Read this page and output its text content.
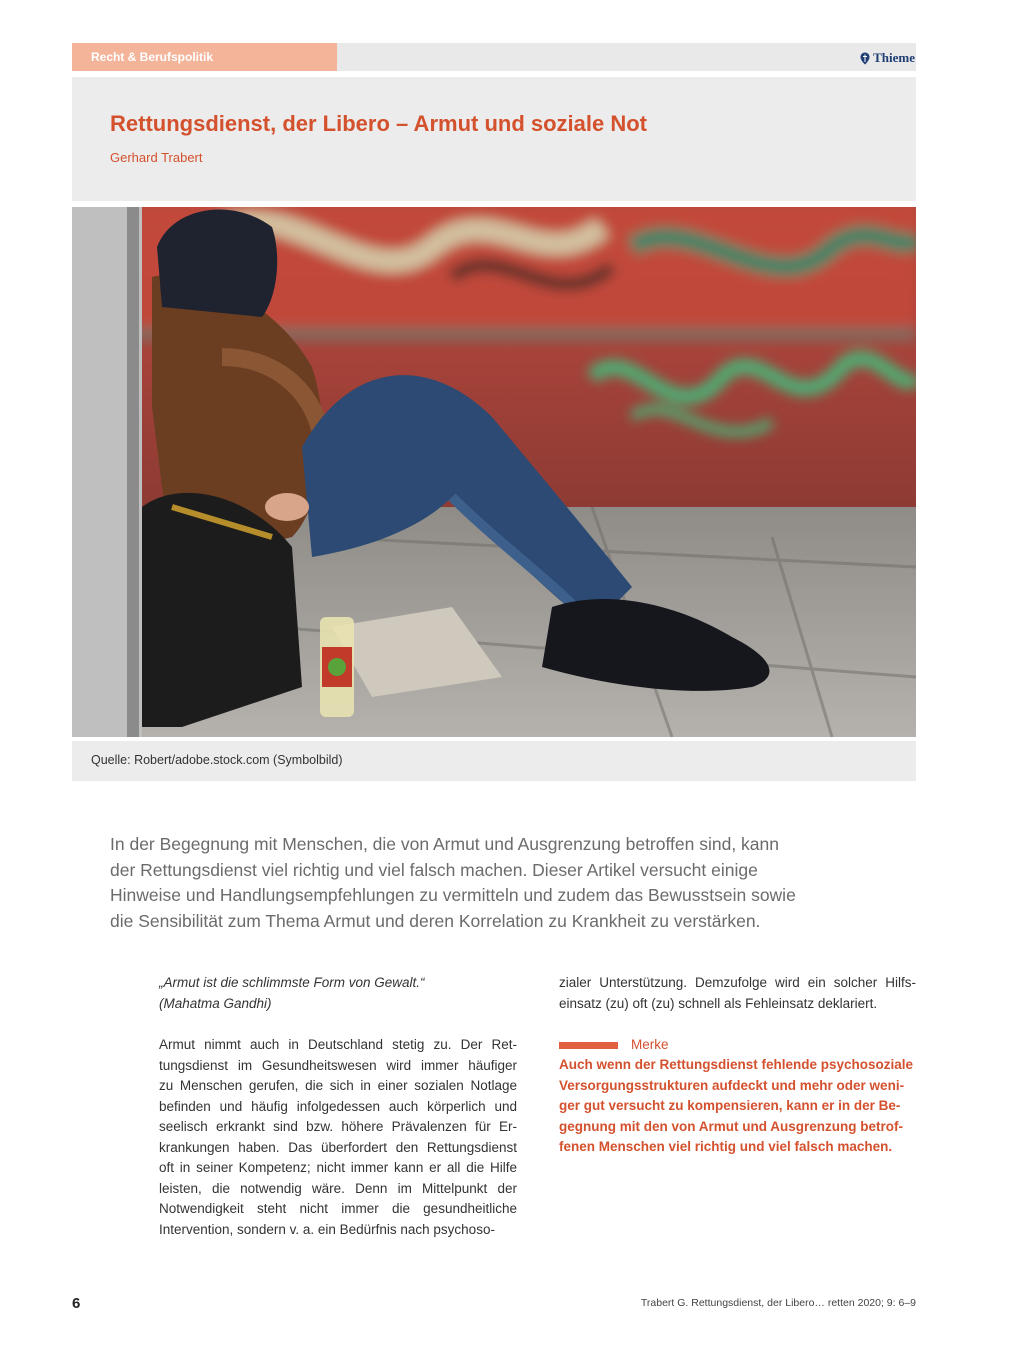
Recht & Berufspolitik	Thieme
Rettungsdienst, der Libero – Armut und soziale Not
Gerhard Trabert
Quelle: Robert/adobe.stock.com (Symbolbild)
In der Begegnung mit Menschen, die von Armut und Ausgrenzung betroffen sind, kann
der Rettungsdienst viel richtig und viel falsch machen. Dieser Artikel versucht einige
Hinweise und Handlungsempfehlungen zu vermitteln und zudem das Bewusstsein sowie
die Sensibilität zum Thema Armut und deren Korrelation zu Krankheit zu verstärken.
„Armut ist die schlimmste Form von Gewalt.“
(Mahatma Gandhi)
Armut nimmt auch in Deutschland stetig zu. Der Ret-
tungsdienst im Gesundheitswesen wird immer häufiger
zu Menschen gerufen, die sich in einer sozialen Notlage
befinden und häufig infolgedessen auch körperlich und
seelisch erkrankt sind bzw. höhere Prävalenzen für Er-
krankungen haben. Das überfordert den Rettungsdienst
oft in seiner Kompetenz; nicht immer kann er all die Hilfe
leisten, die notwendig wäre. Denn im Mittelpunkt der
Notwendigkeit steht nicht immer die gesundheitliche
Intervention, sondern v. a. ein Bedürfnis nach psychoso-
zialer Unterstützung. Demzufolge wird ein solcher Hilfs-
einsatz (zu) oft (zu) schnell als Fehleinsatz deklariert.
Merke
Auch wenn der Rettungsdienst fehlende psychosoziale
Versorgungsstrukturen aufdeckt und mehr oder weni-
ger gut versucht zu kompensieren, kann er in der Be-
gegnung mit den von Armut und Ausgrenzung betrof-
fenen Menschen viel richtig und viel falsch machen.
6	Trabert G. Rettungsdienst, der Libero… retten 2020; 9: 6–9
